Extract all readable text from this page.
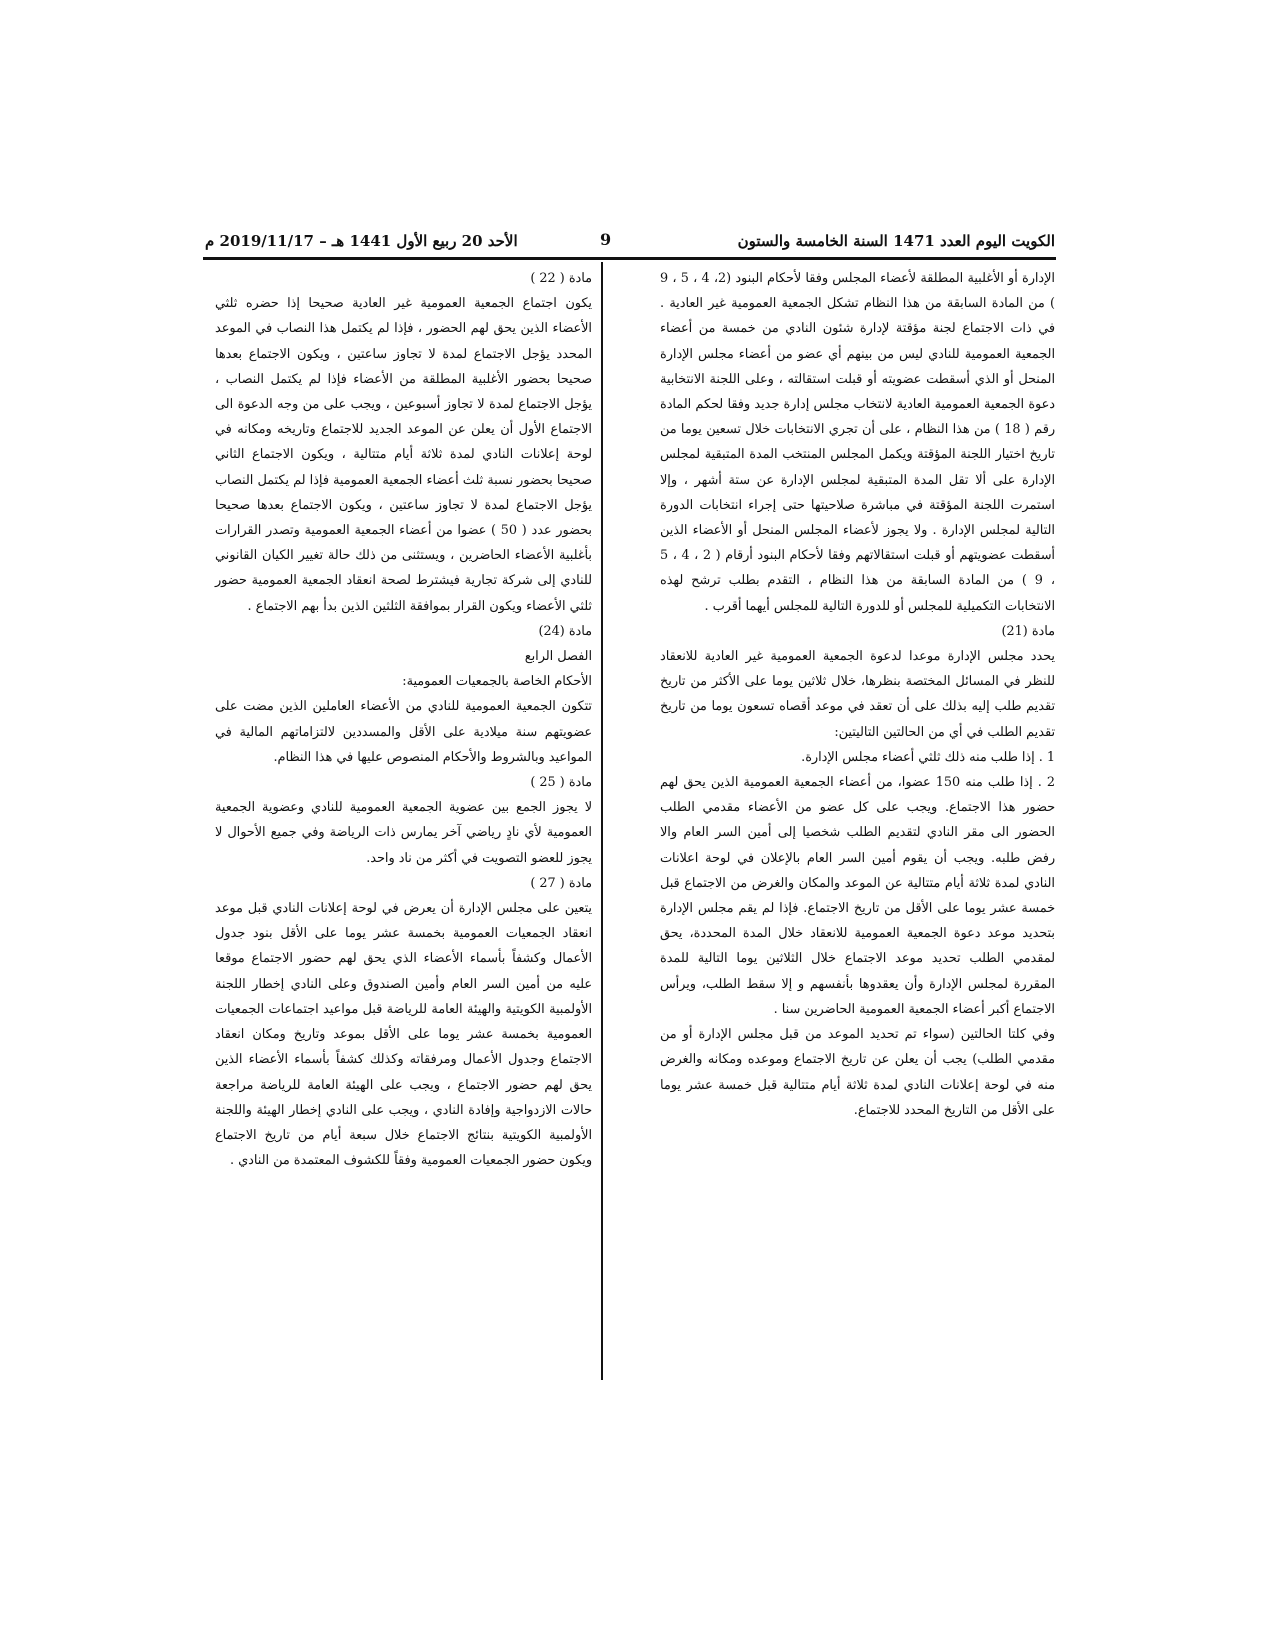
الكويت اليوم العدد 1471 السنة الخامسة والستون
9
الأحد 20 ربيع الأول 1441 هـ – 2019/11/17 م

الإدارة أو الأغلبية المطلقة لأعضاء المجلس وفقا لأحكام البنود (2، 4 ، 5 ، 9 ) من المادة السابقة من هذا النظام تشكل الجمعية العمومية غير العادية . في ذات الاجتماع لجنة مؤقتة لإدارة شئون النادي من خمسة من أعضاء الجمعية العمومية للنادي ليس من بينهم أي عضو من أعضاء مجلس الإدارة المنحل أو الذي أسقطت عضويته أو قبلت استقالته ، وعلى اللجنة الانتخابية دعوة الجمعية العمومية العادية لانتخاب مجلس إدارة جديد وفقا لحكم المادة رقم ( 18 ) من هذا النظام ، على أن تجري الانتخابات خلال تسعين يوما من تاريخ اختيار اللجنة المؤقتة ويكمل المجلس المنتخب المدة المتبقية لمجلس الإدارة على ألا تقل المدة المتبقية لمجلس الإدارة عن ستة أشهر ، وإلا استمرت اللجنة المؤقتة في مباشرة صلاحيتها حتى إجراء انتخابات الدورة التالية لمجلس الإدارة . ولا يجوز لأعضاء المجلس المنحل أو الأعضاء الذين أسقطت عضويتهم أو قبلت استقالاتهم وفقا لأحكام البنود أرقام ( 2 ، 4 ، 5 ، 9 ) من المادة السابقة من هذا النظام ، التقدم بطلب ترشح لهذه الانتخابات التكميلية للمجلس أو للدورة التالية للمجلس أيهما أقرب .

مادة (21)

يحدد مجلس الإدارة موعدا لدعوة الجمعية العمومية غير العادية للانعقاد للنظر في المسائل المختصة بنظرها، خلال ثلاثين يوما على الأكثر من تاريخ تقديم طلب إليه بذلك على أن تعقد في موعد أقصاه تسعون يوما من تاريخ تقديم الطلب في أي من الحالتين التاليتين:

1 . إذا طلب منه ذلك ثلثي أعضاء مجلس الإدارة.

2 . إذا طلب منه 150 عضوا، من أعضاء الجمعية العمومية الذين يحق لهم حضور هذا الاجتماع. ويجب على كل عضو من الأعضاء مقدمي الطلب الحضور الى مقر النادي لتقديم الطلب شخصيا إلى أمين السر العام والا رفض طلبه. ويجب أن يقوم أمين السر العام بالإعلان في لوحة اعلانات النادي لمدة ثلاثة أيام متتالية عن الموعد والمكان والغرض من الاجتماع قبل خمسة عشر يوما على الأقل من تاريخ الاجتماع. فإذا لم يقم مجلس الإدارة بتحديد موعد دعوة الجمعية العمومية للانعقاد خلال المدة المحددة، يحق لمقدمي الطلب تحديد موعد الاجتماع خلال الثلاثين يوما التالية للمدة المقررة لمجلس الإدارة وأن يعقدوها بأنفسهم و إلا سقط الطلب، ويرأس الاجتماع أكبر أعضاء الجمعية العمومية الحاضرين سنا .

وفي كلتا الحالتين (سواء تم تحديد الموعد من قبل مجلس الإدارة أو من مقدمي الطلب) يجب أن يعلن عن تاريخ الاجتماع وموعده ومكانه والغرض منه في لوحة إعلانات النادي لمدة ثلاثة أيام متتالية قبل خمسة عشر يوما على الأقل من التاريخ المحدد للاجتماع.

مادة ( 22 )

يكون اجتماع الجمعية العمومية غير العادية صحيحا إذا حضره ثلثي الأعضاء الذين يحق لهم الحضور ، فإذا لم يكتمل هذا النصاب في الموعد المحدد يؤجل الاجتماع لمدة لا تجاوز ساعتين ، ويكون الاجتماع بعدها صحيحا بحضور الأغلبية المطلقة من الأعضاء فإذا لم يكتمل النصاب ، يؤجل الاجتماع لمدة لا تجاوز أسبوعين ، ويجب على من وجه الدعوة الى الاجتماع الأول أن يعلن عن الموعد الجديد للاجتماع وتاريخه ومكانه في لوحة إعلانات النادي لمدة ثلاثة أيام متتالية ، ويكون الاجتماع الثاني صحيحا بحضور نسبة ثلث أعضاء الجمعية العمومية فإذا لم يكتمل النصاب يؤجل الاجتماع لمدة لا تجاوز ساعتين ، ويكون الاجتماع بعدها صحيحا بحضور عدد ( 50 ) عضوا من أعضاء الجمعية العمومية وتصدر القرارات بأغلبية الأعضاء الحاضرين ، ويستثنى من ذلك حالة تغيير الكيان القانوني للنادي إلى شركة تجارية فيشترط لصحة انعقاد الجمعية العمومية حضور ثلثي الأعضاء ويكون القرار بموافقة الثلثين الذين بدأ بهم الاجتماع .

مادة (24)

الفصل الرابع

الأحكام الخاصة بالجمعيات العمومية:

تتكون الجمعية العمومية للنادي من الأعضاء العاملين الذين مضت على عضويتهم سنة ميلادية على الأقل والمسددين لالتزاماتهم المالية في المواعيد وبالشروط والأحكام المنصوص عليها في هذا النظام.

مادة ( 25 )

لا يجوز الجمع بين عضوية الجمعية العمومية للنادي وعضوية الجمعية العمومية لأي نادٍ رياضي آخر يمارس ذات الرياضة وفي جميع الأحوال لا يجوز للعضو التصويت في أكثر من ناد واحد.

مادة ( 27 )

يتعين على مجلس الإدارة أن يعرض في لوحة إعلانات النادي قبل موعد انعقاد الجمعيات العمومية بخمسة عشر يوما على الأقل بنود جدول الأعمال وكشفاً بأسماء الأعضاء الذي يحق لهم حضور الاجتماع موقعا عليه من أمين السر العام وأمين الصندوق وعلى النادي إخطار اللجنة الأولمبية الكويتية والهيئة العامة للرياضة قبل مواعيد اجتماعات الجمعيات العمومية بخمسة عشر يوما على الأقل بموعد وتاريخ ومكان انعقاد الاجتماع وجدول الأعمال ومرفقاته وكذلك كشفاً بأسماء الأعضاء الذين يحق لهم حضور الاجتماع ، ويجب على الهيئة العامة للرياضة مراجعة حالات الازدواجية وإفادة النادي ، ويجب على النادي إخطار الهيئة واللجنة الأولمبية الكويتية بنتائج الاجتماع خلال سبعة أيام من تاريخ الاجتماع ويكون حضور الجمعيات العمومية وفقاً للكشوف المعتمدة من النادي .
